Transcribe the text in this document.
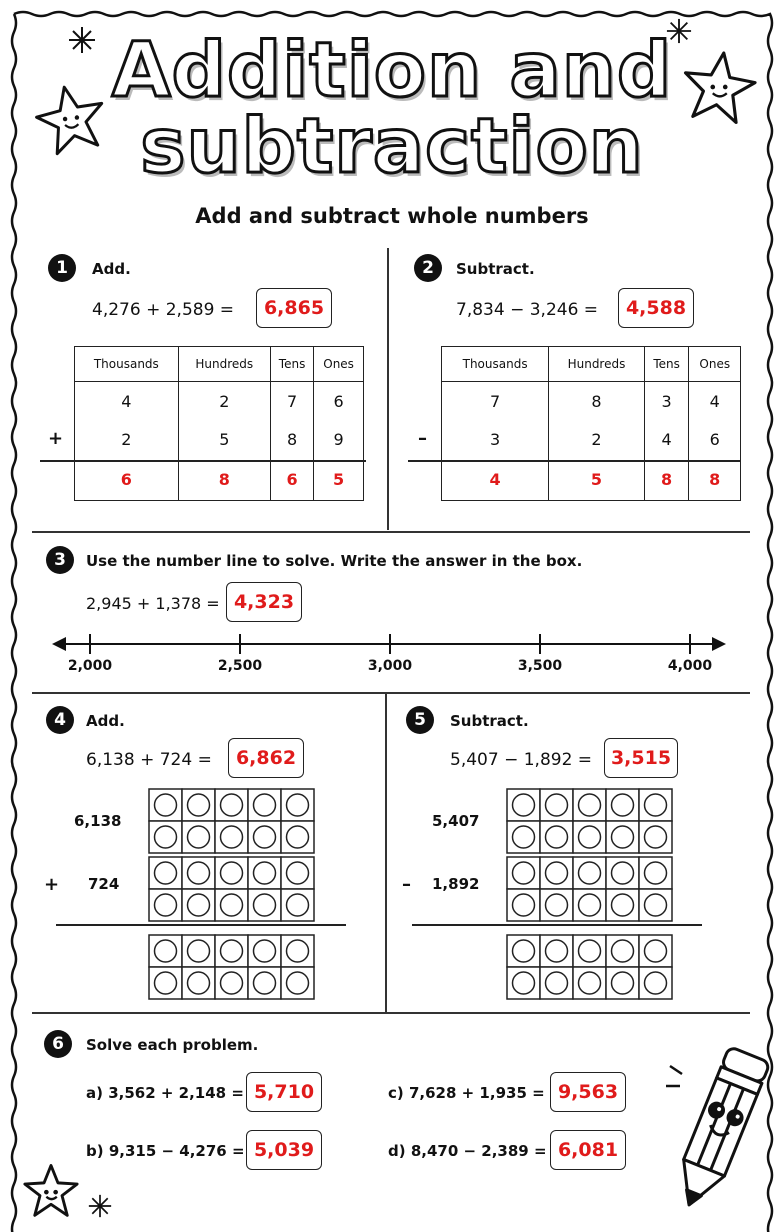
Addition and
subtraction
Add and subtract whole numbers
1	Add.
4,276 + 2,589 =	6,865
Thousands	Hundreds	Tens	Ones
4	2	7	6
2	5	8	9
6	8	6	5
+
2	Subtract.
7,834 − 3,246 =	4,588
Thousands	Hundreds	Tens	Ones
7	8	3	4
3	2	4	6
4	5	8	8
–
3	Use the number line to solve. Write the answer in the box.
2,945 + 1,378 = 4,323
2,000	2,500	3,000	3,500	4,000
4	Add.
6,138 + 724 =	6,862
6,138
+ 724
5	Subtract.
5,407 − 1,892 = 3,515
5,407
– 1,892
6	Solve each problem.
a) 3,562 + 2,148 = 5,710
b) 9,315 − 4,276 = 5,039
c) 7,628 + 1,935 = 9,563
d) 8,470 − 2,389 = 6,081
